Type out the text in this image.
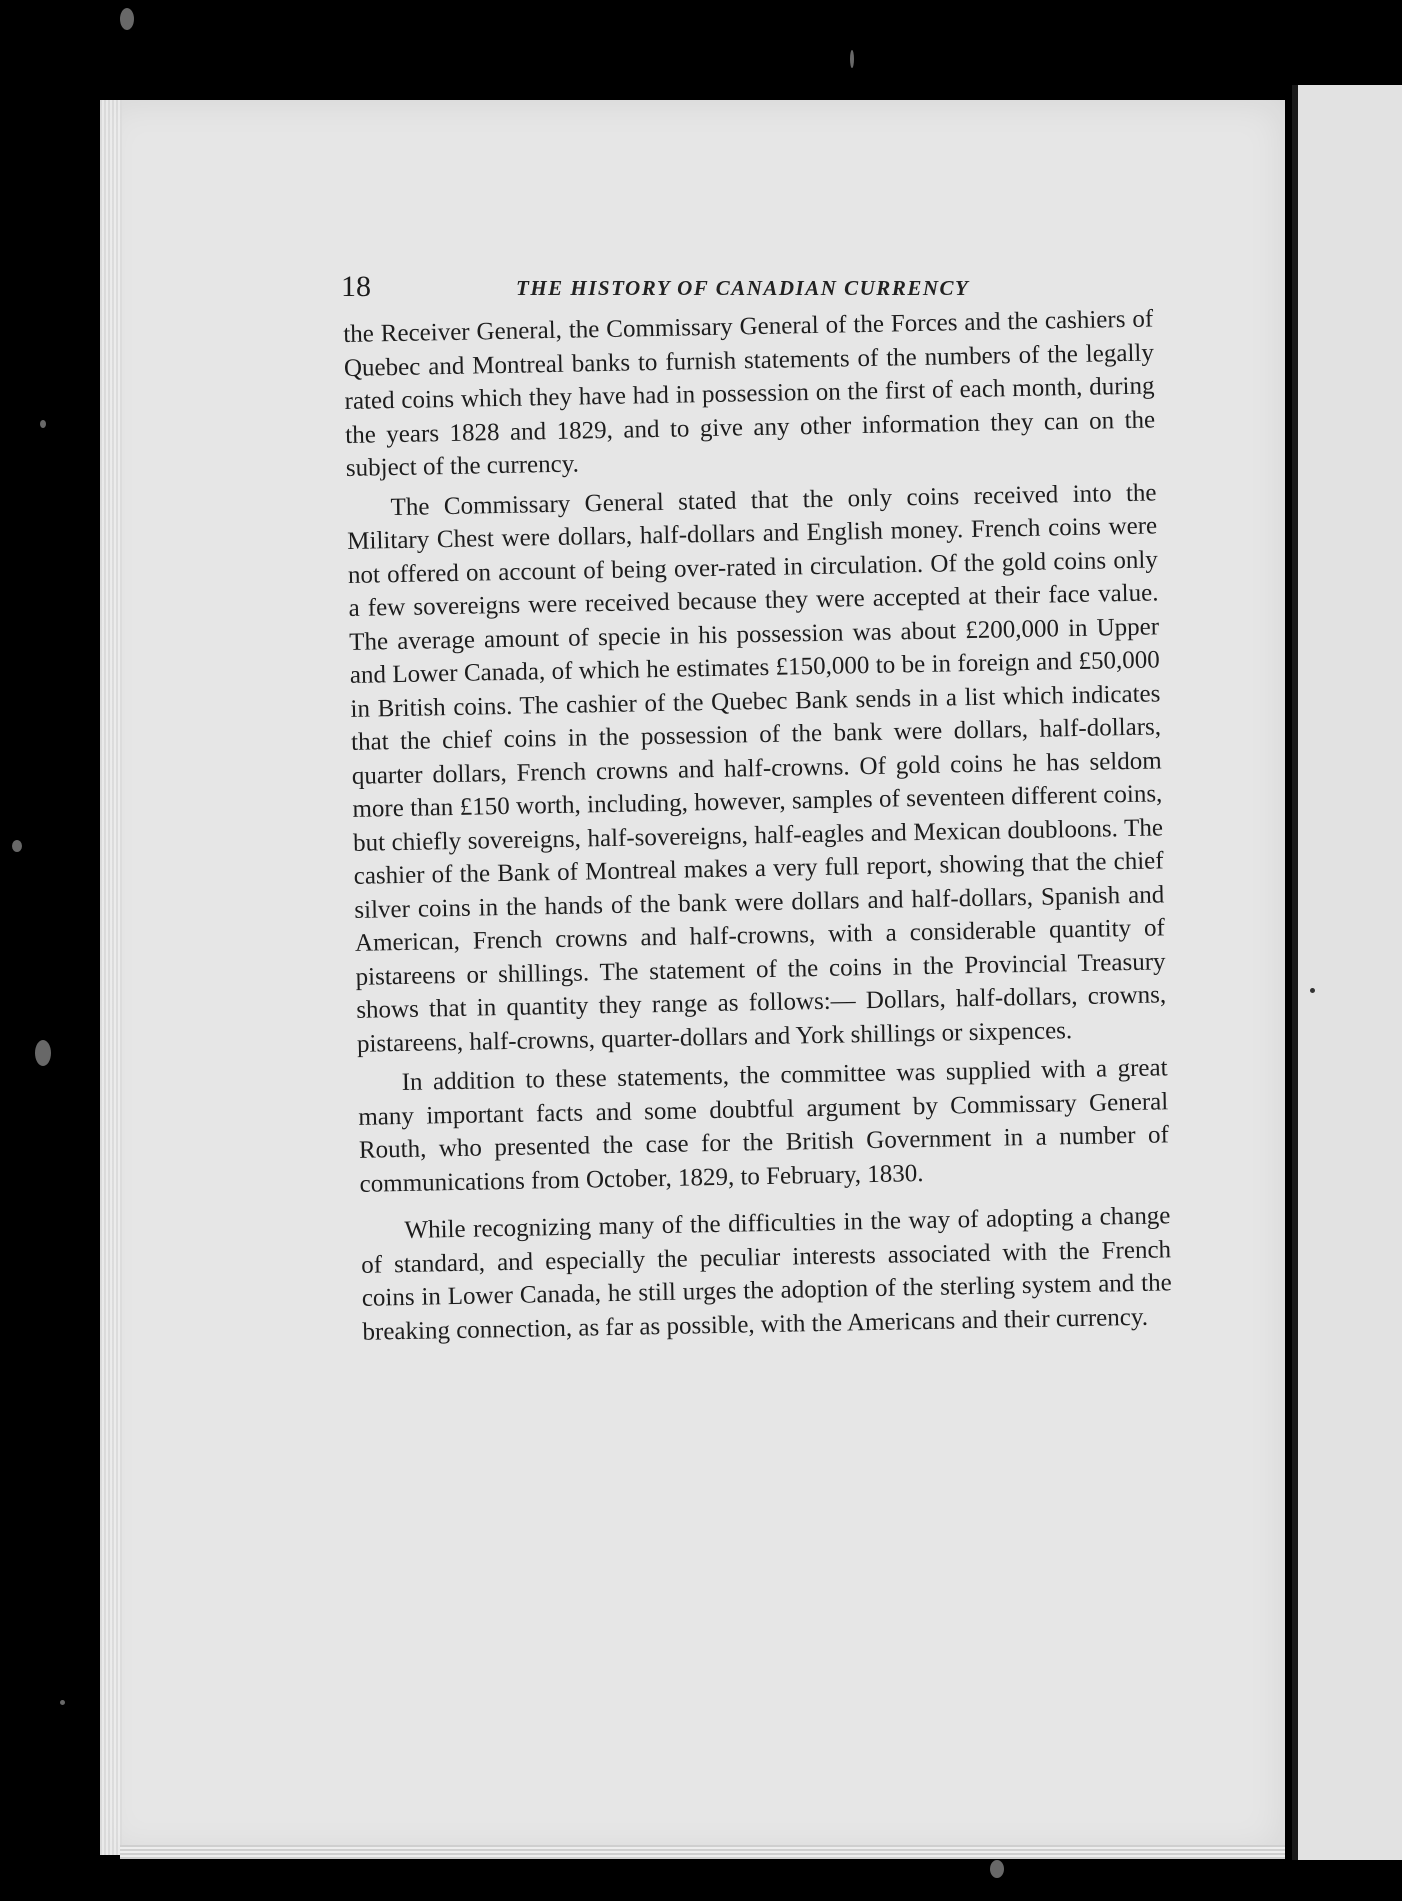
18	THE HISTORY OF CANADIAN CURRENCY

the Receiver General, the Commissary General of the Forces and the cashiers of Quebec and Montreal banks to furnish statements of the numbers of the legally rated coins which they have had in possession on the first of each month, during the years 1828 and 1829, and to give any other information they can on the subject of the currency.

The Commissary General stated that the only coins received into the Military Chest were dollars, half-dollars and English money. French coins were not offered on account of being over-rated in circulation. Of the gold coins only a few sovereigns were received because they were accepted at their face value. The average amount of specie in his possession was about £200,000 in Upper and Lower Canada, of which he estimates £150,000 to be in foreign and £50,000 in British coins. The cashier of the Quebec Bank sends in a list which indicates that the chief coins in the possession of the bank were dollars, half-dollars, quarter dollars, French crowns and half-crowns. Of gold coins he has seldom more than £150 worth, including, however, samples of seventeen different coins, but chiefly sovereigns, half-sovereigns, half-eagles and Mexican doubloons. The cashier of the Bank of Montreal makes a very full report, showing that the chief silver coins in the hands of the bank were dollars and half-dollars, Spanish and American, French crowns and half-crowns, with a considerable quantity of pistareens or shillings. The statement of the coins in the Provincial Treasury shows that in quantity they range as follows:— Dollars, half-dollars, crowns, pistareens, half-crowns, quarter-dollars and York shillings or sixpences.

In addition to these statements, the committee was supplied with a great many important facts and some doubtful argument by Commissary General Routh, who presented the case for the British Government in a number of communications from October, 1829, to February, 1830.

While recognizing many of the difficulties in the way of adopting a change of standard, and especially the peculiar interests associated with the French coins in Lower Canada, he still urges the adoption of the sterling system and the breaking connection, as far as possible, with the Americans and their currency.
